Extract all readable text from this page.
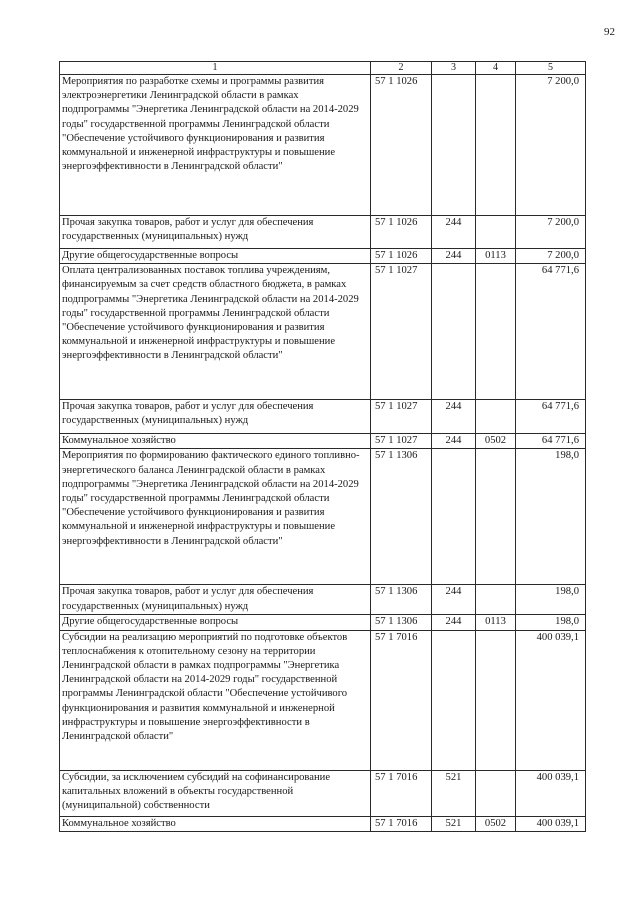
92
1	2	3	4	5
Мероприятия по разработке схемы и программы развития электроэнергетики Ленинградской области в рамках подпрограммы "Энергетика Ленинградской области на 2014-2029 годы" государственной программы Ленинградской области "Обеспечение устойчивого функционирования и развития коммунальной и инженерной инфраструктуры и повышение энергоэффективности в Ленинградской области"	57 1 1026			7 200,0
Прочая закупка товаров, работ и услуг для обеспечения государственных (муниципальных) нужд	57 1 1026	244		7 200,0
Другие общегосударственные вопросы	57 1 1026	244	0113	7 200,0
Оплата централизованных поставок топлива учреждениям, финансируемым за счет средств областного бюджета, в рамках подпрограммы "Энергетика Ленинградской области на 2014-2029 годы" государственной программы Ленинградской области "Обеспечение устойчивого функционирования и развития коммунальной и инженерной инфраструктуры и повышение энергоэффективности в Ленинградской области"	57 1 1027			64 771,6
Прочая закупка товаров, работ и услуг для обеспечения государственных (муниципальных) нужд	57 1 1027	244		64 771,6
Коммунальное хозяйство	57 1 1027	244	0502	64 771,6
Мероприятия по формированию фактического единого топливно-энергетического баланса Ленинградской области в рамках подпрограммы "Энергетика Ленинградской области на 2014-2029 годы" государственной программы Ленинградской области "Обеспечение устойчивого функционирования и развития коммунальной и инженерной инфраструктуры и повышение энергоэффективности в Ленинградской области"	57 1 1306			198,0
Прочая закупка товаров, работ и услуг для обеспечения государственных (муниципальных) нужд	57 1 1306	244		198,0
Другие общегосударственные вопросы	57 1 1306	244	0113	198,0
Субсидии на реализацию мероприятий по подготовке объектов теплоснабжения к отопительному сезону на территории Ленинградской области в рамках подпрограммы "Энергетика Ленинградской области на 2014-2029 годы" государственной программы Ленинградской области "Обеспечение устойчивого функционирования и развития коммунальной и инженерной инфраструктуры и повышение энергоэффективности в Ленинградской области"	57 1 7016			400 039,1
Субсидии, за исключением субсидий на софинансирование капитальных вложений в объекты государственной (муниципальной) собственности	57 1 7016	521		400 039,1
Коммунальное хозяйство	57 1 7016	521	0502	400 039,1
